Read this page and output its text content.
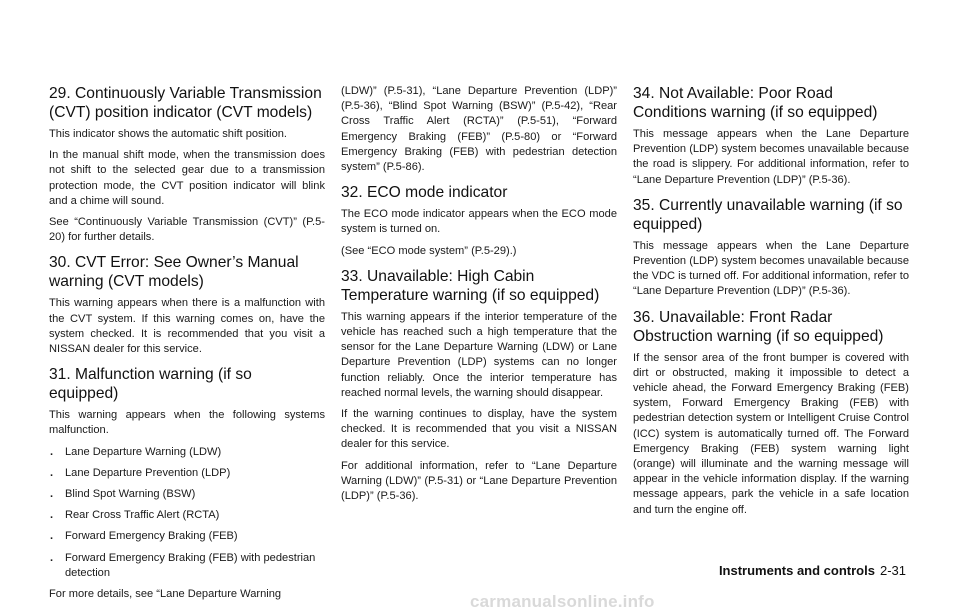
29. Continuously Variable Transmission (CVT) position indicator (CVT models)

This indicator shows the automatic shift position.

In the manual shift mode, when the transmission does not shift to the selected gear due to a transmission protection mode, the CVT position indicator will blink and a chime will sound.

See “Continuously Variable Transmission (CVT)” (P.5-20) for further details.

30. CVT Error: See Owner’s Manual warning (CVT models)

This warning appears when there is a malfunction with the CVT system. If this warning comes on, have the system checked. It is recommended that you visit a NISSAN dealer for this service.

31. Malfunction warning (if so equipped)

This warning appears when the following systems malfunction.

. Lane Departure Warning (LDW)
. Lane Departure Prevention (LDP)
. Blind Spot Warning (BSW)
. Rear Cross Traffic Alert (RCTA)
. Forward Emergency Braking (FEB)
. Forward Emergency Braking (FEB) with pedestrian detection

For more details, see “Lane Departure Warning

(LDW)” (P.5-31), “Lane Departure Prevention (LDP)” (P.5-36), “Blind Spot Warning (BSW)” (P.5-42), “Rear Cross Traffic Alert (RCTA)” (P.5-51), “Forward Emergency Braking (FEB)” (P.5-80) or “Forward Emergency Braking (FEB) with pedestrian detection system” (P.5-86).

32. ECO mode indicator

The ECO mode indicator appears when the ECO mode system is turned on.

(See “ECO mode system” (P.5-29).)

33. Unavailable: High Cabin Temperature warning (if so equipped)

This warning appears if the interior temperature of the vehicle has reached such a high temperature that the sensor for the Lane Departure Warning (LDW) or Lane Departure Prevention (LDP) systems can no longer function reliably. Once the interior temperature has reached normal levels, the warning should disappear.

If the warning continues to display, have the system checked. It is recommended that you visit a NISSAN dealer for this service.

For additional information, refer to “Lane Departure Warning (LDW)” (P.5-31) or “Lane Departure Prevention (LDP)” (P.5-36).

34. Not Available: Poor Road Conditions warning (if so equipped)

This message appears when the Lane Departure Prevention (LDP) system becomes unavailable because the road is slippery. For additional information, refer to “Lane Departure Prevention (LDP)” (P.5-36).

35. Currently unavailable warning (if so equipped)

This message appears when the Lane Departure Prevention (LDP) system becomes unavailable because the VDC is turned off. For additional information, refer to “Lane Departure Prevention (LDP)” (P.5-36).

36. Unavailable: Front Radar Obstruction warning (if so equipped)

If the sensor area of the front bumper is covered with dirt or obstructed, making it impossible to detect a vehicle ahead, the Forward Emergency Braking (FEB) system, Forward Emergency Braking (FEB) with pedestrian detection system or Intelligent Cruise Control (ICC) system is automatically turned off. The Forward Emergency Braking (FEB) system warning light (orange) will illuminate and the warning message will appear in the vehicle information display. If the warning message appears, park the vehicle in a safe location and turn the engine off.

Instruments and controls 2-31
carmanualsonline.info
